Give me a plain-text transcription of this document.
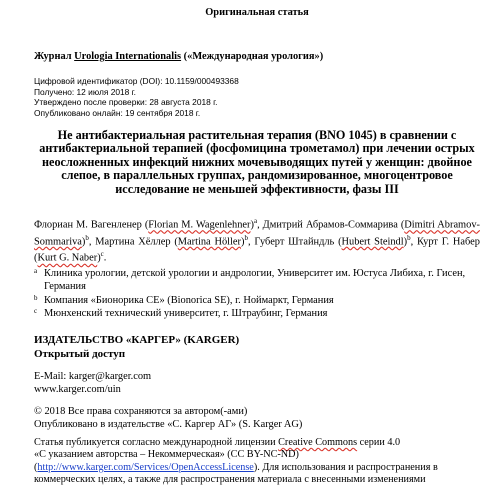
Оригинальная статья
Журнал Urologia Internationalis («Международная урология»)
Цифровой идентификатор (DOI): 10.1159/000493368
Получено: 12 июля 2018 г.
Утверждено после проверки: 28 августа 2018 г.
Опубликовано онлайн: 19 сентября 2018 г.
Не антибактериальная растительная терапия (BNO 1045) в сравнении с антибактериальной терапией (фосфомицина трометамол) при лечении острых неосложненных инфекций нижних мочевыводящих путей у женщин: двойное слепое, в параллельных группах, рандомизированное, многоцентровое исследование не меньшей эффективности, фазы III
Флориан М. Вагенленер (Florian M. Wagenlehner)$^a$, Дмитрий Абрамов-Соммарива (Dimitri Abramov-Sommariva)$^b$, Мартина Хёллер (Martina Höller)$^b$, Губерт Штайндль (Hubert Steindl)$^b$, Курт Г. Набер (Kurt G. Naber)$^c$.
a Клиника урологии, детской урологии и андрологии, Университет им. Юстуса Либиха, г. Гисен, Германия
b Компания «Бионорика СЕ» (Bionorica SE), г. Ноймаркт, Германия
c Мюнхенский технический университет, г. Штраубинг, Германия
ИЗДАТЕЛЬСТВО «КАРГЕР» (KARGER)
Открытый доступ
E-Mail: karger@karger.com
www.karger.com/uin
© 2018 Все права сохраняются за автором(-ами)
Опубликовано в издательстве «С. Каргер АГ» (S. Karger AG)
Статья публикуется согласно международной лицензии Creative Commons серии 4.0
«С указанием авторства – Некоммерческая» (CC BY-NC-ND)
(http://www.karger.com/Services/OpenAccessLicense). Для использования и распространения в коммерческих целях, а также для распространения материала с внесенными изменениями
